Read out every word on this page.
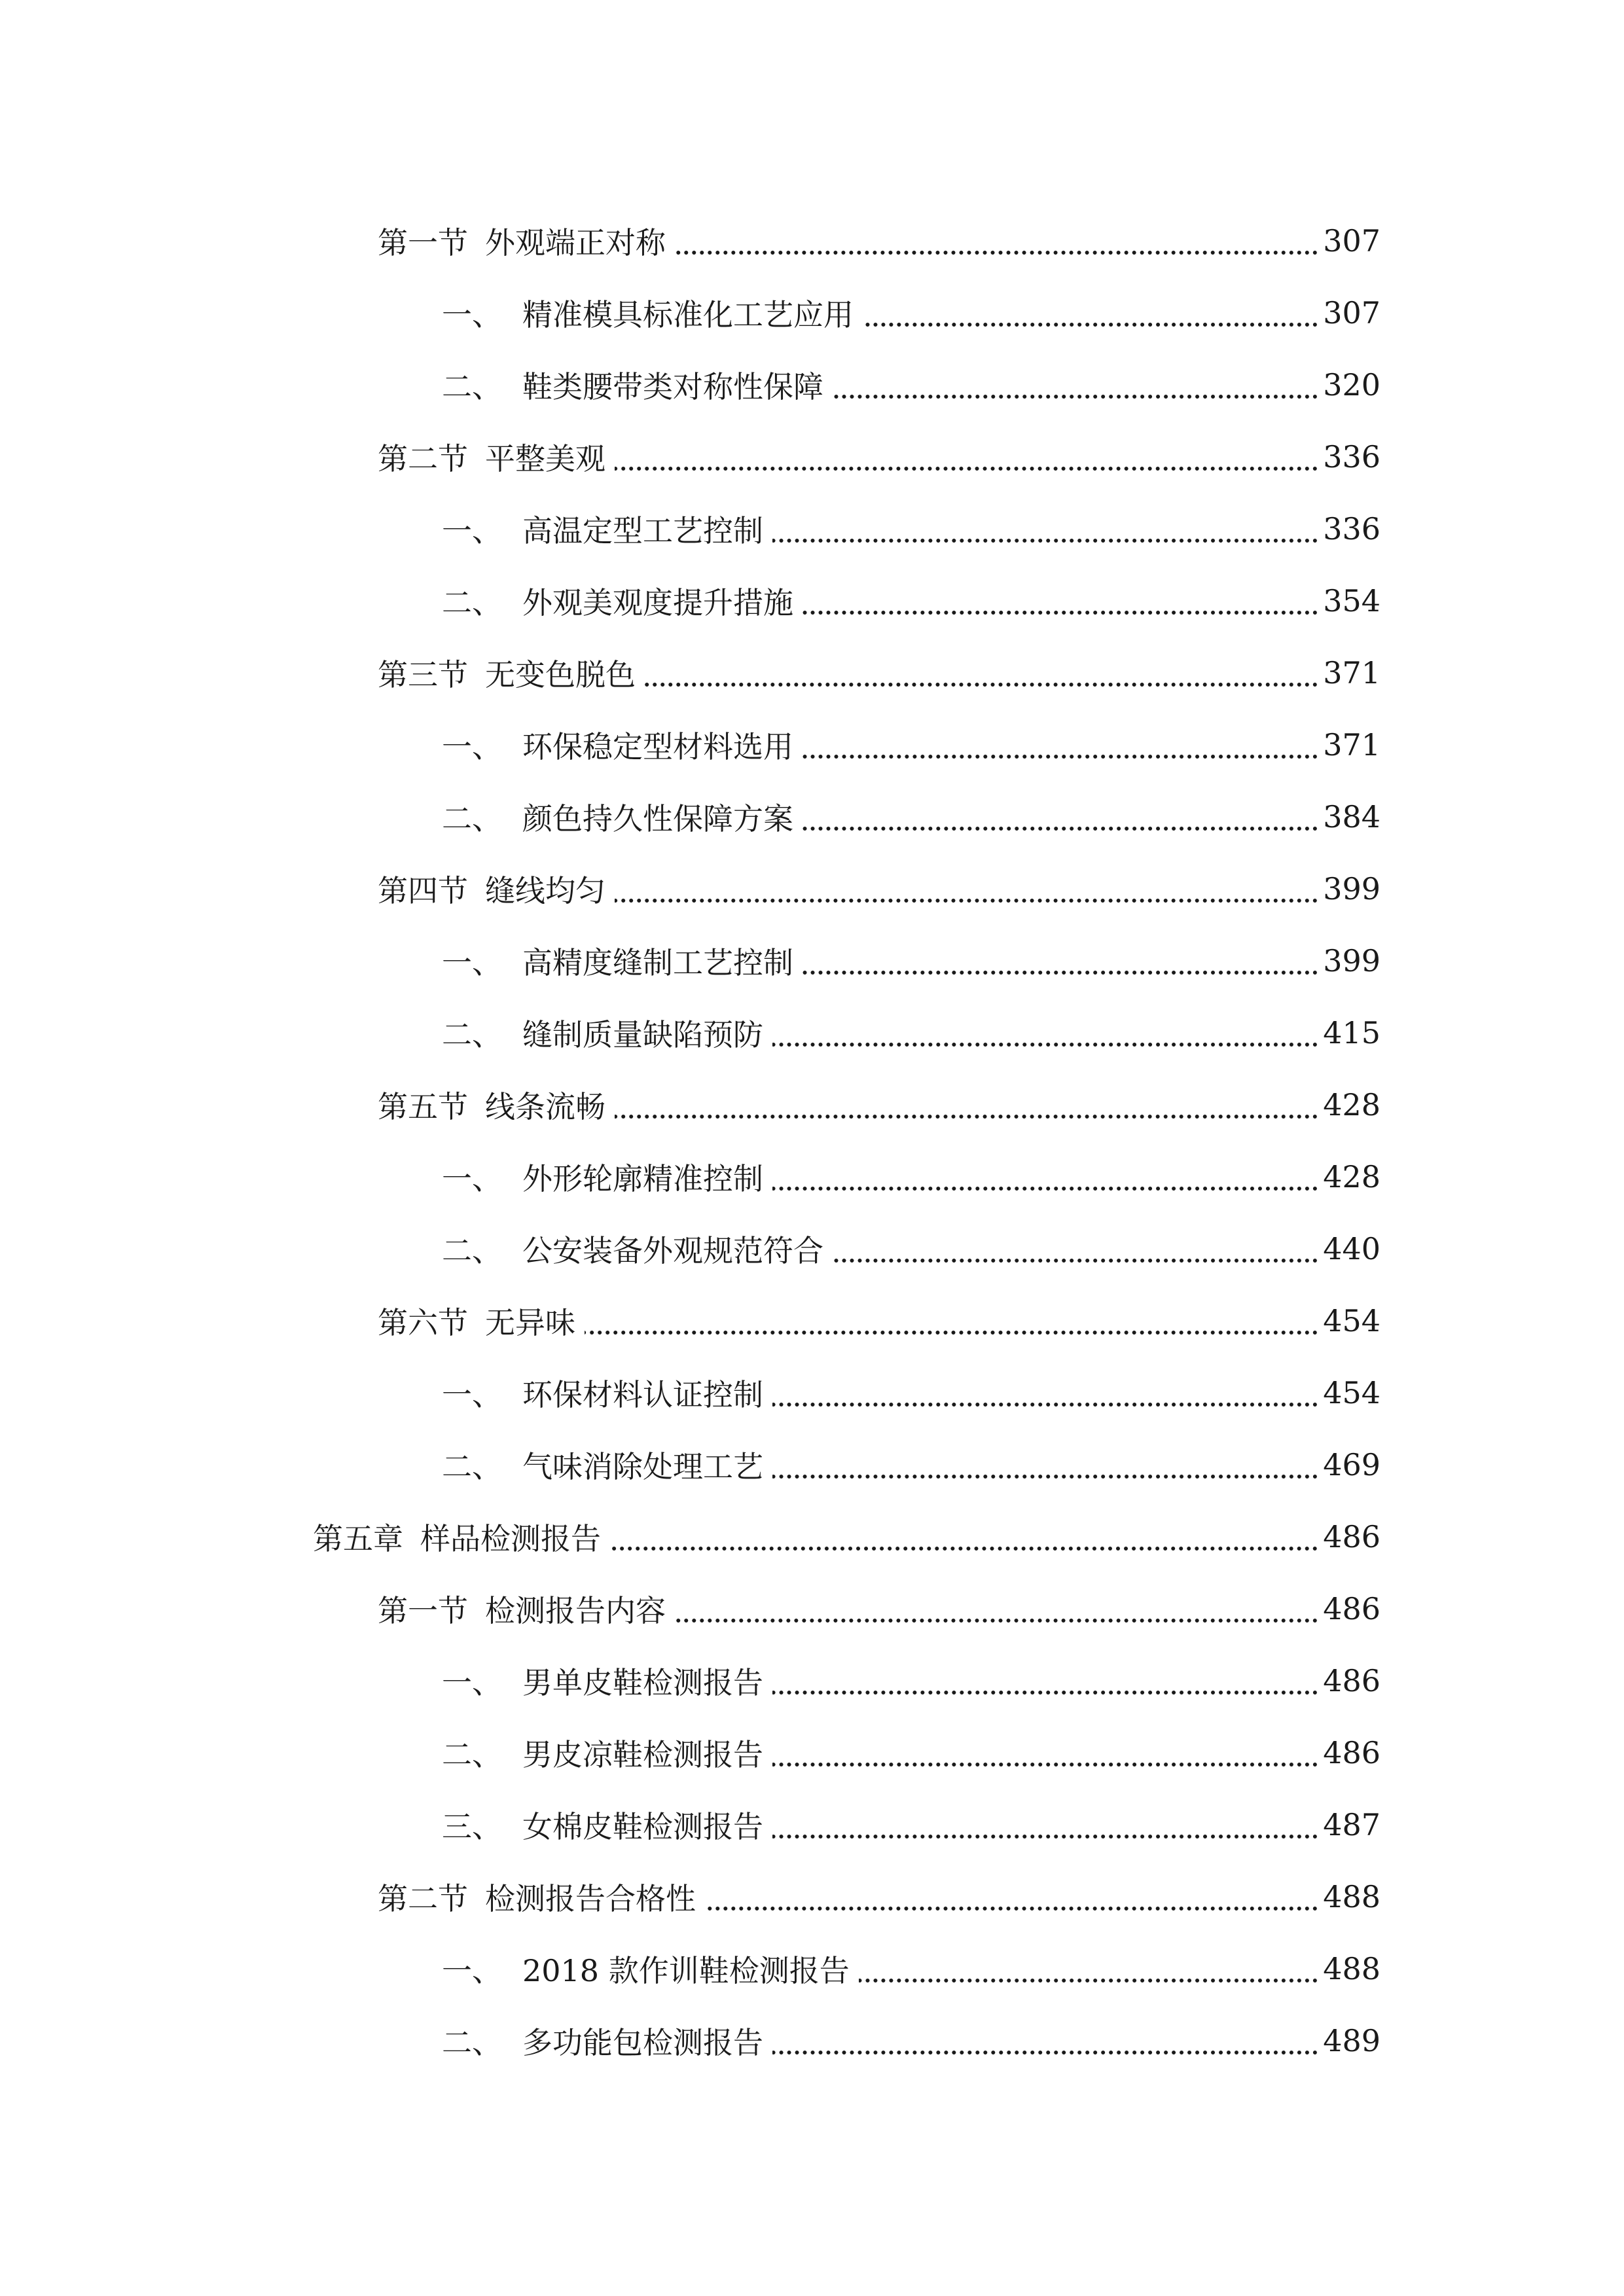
第一节 外观端正对称	307
一、 精准模具标准化工艺应用	307
二、 鞋类腰带类对称性保障	320
第二节 平整美观	336
一、 高温定型工艺控制	336
二、 外观美观度提升措施	354
第三节 无变色脱色	371
一、 环保稳定型材料选用	371
二、 颜色持久性保障方案	384
第四节 缝线均匀	399
一、 高精度缝制工艺控制	399
二、 缝制质量缺陷预防	415
第五节 线条流畅	428
一、 外形轮廓精准控制	428
二、 公安装备外观规范符合	440
第六节 无异味	454
一、 环保材料认证控制	454
二、 气味消除处理工艺	469
第五章 样品检测报告	486
第一节 检测报告内容	486
一、 男单皮鞋检测报告	486
二、 男皮凉鞋检测报告	486
三、 女棉皮鞋检测报告	487
第二节 检测报告合格性	488
一、 2018 款作训鞋检测报告	488
二、 多功能包检测报告	489
